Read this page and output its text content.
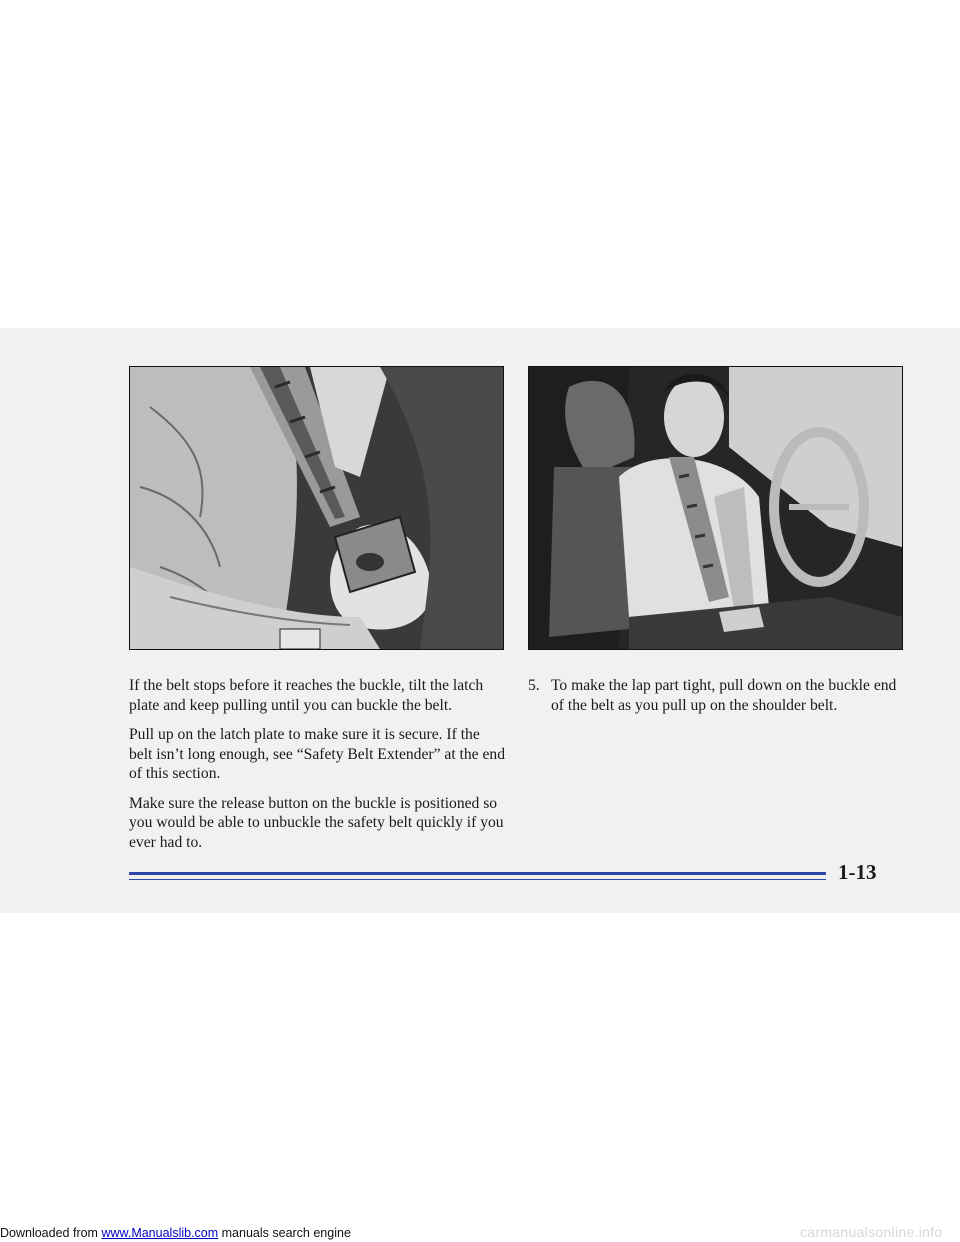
If the belt stops before it reaches the buckle, tilt the latch plate and keep pulling until you can buckle the belt.

Pull up on the latch plate to make sure it is secure. If the belt isn’t long enough, see “Safety Belt Extender” at the end of this section.

Make sure the release button on the buckle is positioned so you would be able to unbuckle the safety belt quickly if you ever had to.

5. To make the lap part tight, pull down on the buckle end of the belt as you pull up on the shoulder belt.
1-13
Downloaded from www.Manualslib.com manuals search engine	carmanualsonline.info
